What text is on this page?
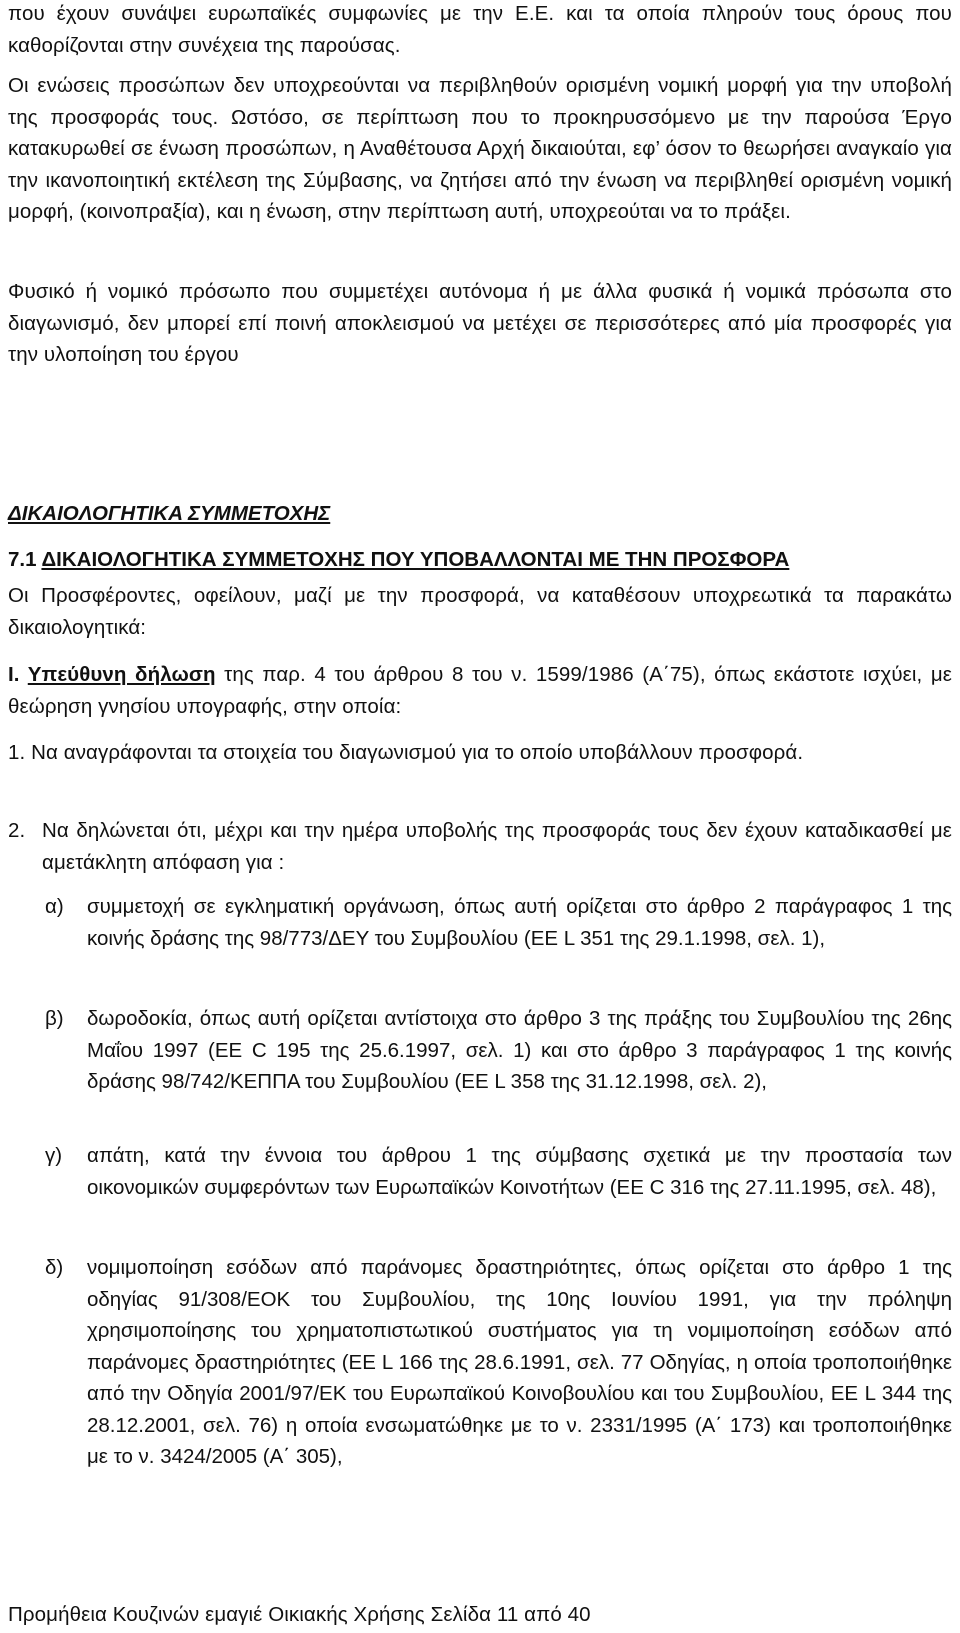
που έχουν συνάψει ευρωπαϊκές συμφωνίες με την Ε.Ε. και τα οποία πληρούν τους όρους που καθορίζονται στην συνέχεια της παρούσας.

Οι ενώσεις προσώπων δεν υποχρεούνται να περιβληθούν ορισμένη νομική μορφή για την υποβολή της προσφοράς τους. Ωστόσο, σε περίπτωση που το προκηρυσσόμενο με την παρούσα Έργο κατακυρωθεί σε ένωση προσώπων, η Αναθέτουσα Αρχή δικαιούται, εφ’ όσον το θεωρήσει αναγκαίο για την ικανοποιητική εκτέλεση της Σύμβασης, να ζητήσει από την ένωση να περιβληθεί ορισμένη νομική μορφή, (κοινοπραξία), και η ένωση, στην περίπτωση αυτή, υποχρεούται να το πράξει.

Φυσικό ή νομικό πρόσωπο που συμμετέχει αυτόνομα ή με άλλα φυσικά ή νομικά πρόσωπα στο διαγωνισμό, δεν μπορεί επί ποινή αποκλεισμού να μετέχει σε περισσότερες από μία προσφορές για την υλοποίηση του έργου

ΔΙΚΑΙΟΛΟΓΗΤΙΚΑ ΣΥΜΜΕΤΟΧΗΣ
7.1 ΔΙΚΑΙΟΛΟΓΗΤΙΚΑ ΣΥΜΜΕΤΟΧΗΣ ΠΟΥ ΥΠΟΒΑΛΛΟΝΤΑΙ ΜΕ ΤΗΝ ΠΡΟΣΦΟΡΑ

Οι Προσφέροντες, οφείλουν, μαζί με την προσφορά, να καταθέσουν υποχρεωτικά τα παρακάτω δικαιολογητικά:

Ι. Υπεύθυνη δήλωση της παρ. 4 του άρθρου 8 του ν. 1599/1986 (Α΄75), όπως εκάστοτε ισχύει, με θεώρηση γνησίου υπογραφής, στην οποία:

1. Να αναγράφονται τα στοιχεία του διαγωνισμού για το οποίο υποβάλλουν προσφορά.

2. Να δηλώνεται ότι, μέχρι και την ημέρα υποβολής της προσφοράς τους δεν έχουν καταδικασθεί με αμετάκλητη απόφαση για :

α) συμμετοχή σε εγκληματική οργάνωση, όπως αυτή ορίζεται στο άρθρο 2 παράγραφος 1 της κοινής δράσης της 98/773/ΔΕΥ του Συμβουλίου (ΕΕ L 351 της 29.1.1998, σελ. 1),
β) δωροδοκία, όπως αυτή ορίζεται αντίστοιχα στο άρθρο 3 της πράξης του Συμβουλίου της 26ης Μαΐου 1997 (ΕΕ C 195 της 25.6.1997, σελ. 1) και στο άρθρο 3 παράγραφος 1 της κοινής δράσης 98/742/ΚΕΠΠΑ του Συμβουλίου (ΕΕ L 358 της 31.12.1998, σελ. 2),
γ) απάτη, κατά την έννοια του άρθρου 1 της σύμβασης σχετικά με την προστασία των οικονομικών συμφερόντων των Ευρωπαϊκών Κοινοτήτων (ΕΕ C 316 της 27.11.1995, σελ. 48),
δ) νομιμοποίηση εσόδων από παράνομες δραστηριότητες, όπως ορίζεται στο άρθρο 1 της οδηγίας 91/308/ΕΟΚ του Συμβουλίου, της 10ης Ιουνίου 1991, για την πρόληψη χρησιμοποίησης του χρηματοπιστωτικού συστήματος για τη νομιμοποίηση εσόδων από παράνομες δραστηριότητες (ΕΕ L 166 της 28.6.1991, σελ. 77 Οδηγίας, η οποία τροποποιήθηκε από την Οδηγία 2001/97/ΕΚ του Ευρωπαϊκού Κοινοβουλίου και του Συμβουλίου, ΕΕ L 344 της 28.12.2001, σελ. 76) η οποία ενσωματώθηκε με το ν. 2331/1995 (Α΄ 173) και τροποποιήθηκε με το ν. 3424/2005 (Α΄ 305),
Προμήθεια Κουζινών εμαγιέ Οικιακής Χρήσης Σελίδα 11 από 40
